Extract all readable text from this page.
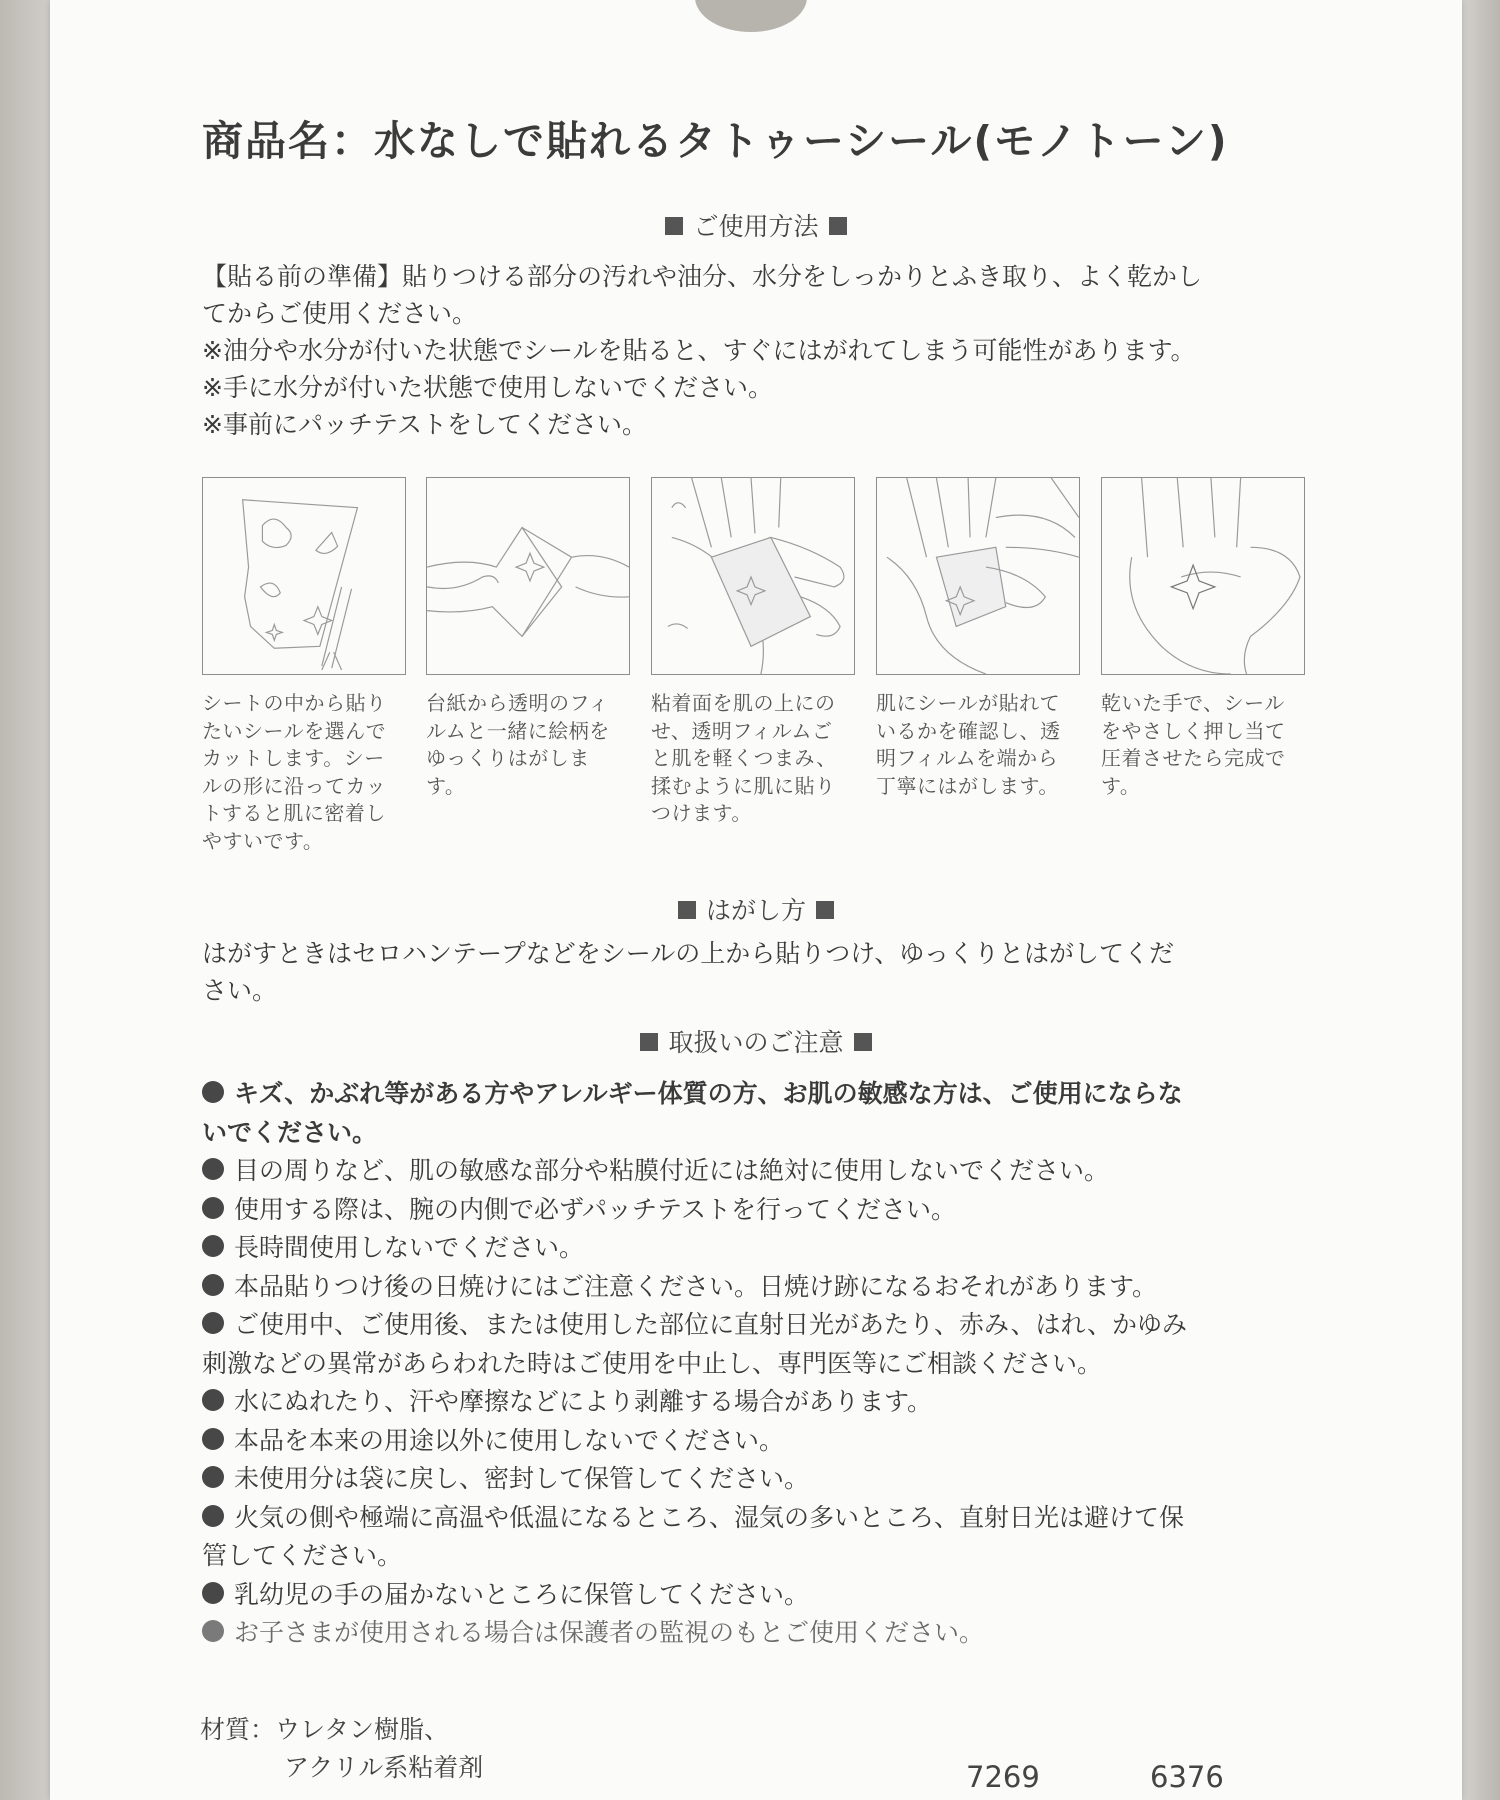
商品名：水なしで貼れるタトゥーシール(モノトーン)
ご使用方法
【貼る前の準備】貼りつける部分の汚れや油分、水分をしっかりとふき取り、よく乾かし
てからご使用ください。
※油分や水分が付いた状態でシールを貼ると、すぐにはがれてしまう可能性があります。
※手に水分が付いた状態で使用しないでください。
※事前にパッチテストをしてください。
シートの中から貼り
たいシールを選んで
カットします。シー
ルの形に沿ってカッ
トすると肌に密着し
やすいです。
台紙から透明のフィ
ルムと一緒に絵柄を
ゆっくりはがしま
す。
粘着面を肌の上にの
せ、透明フィルムご
と肌を軽くつまみ、
揉むように肌に貼り
つけます。
肌にシールが貼れて
いるかを確認し、透
明フィルムを端から
丁寧にはがします。
乾いた手で、シール
をやさしく押し当て
圧着させたら完成で
す。
はがし方
はがすときはセロハンテープなどをシールの上から貼りつけ、ゆっくりとはがしてくだ
さい。
取扱いのご注意
キズ、かぶれ等がある方やアレルギー体質の方、お肌の敏感な方は、ご使用にならな
いでください。
目の周りなど、肌の敏感な部分や粘膜付近には絶対に使用しないでください。
使用する際は、腕の内側で必ずパッチテストを行ってください。
長時間使用しないでください。
本品貼りつけ後の日焼けにはご注意ください。日焼け跡になるおそれがあります。
ご使用中、ご使用後、または使用した部位に直射日光があたり、赤み、はれ、かゆみ
刺激などの異常があらわれた時はご使用を中止し、専門医等にご相談ください。
水にぬれたり、汗や摩擦などにより剥離する場合があります。
本品を本来の用途以外に使用しないでください。
未使用分は袋に戻し、密封して保管してください。
火気の側や極端に高温や低温になるところ、湿気の多いところ、直射日光は避けて保
管してください。
乳幼児の手の届かないところに保管してください。
お子さまが使用される場合は保護者の監視のもとご使用ください。
材質：ウレタン樹脂、
アクリル系粘着剤	7269	6376
